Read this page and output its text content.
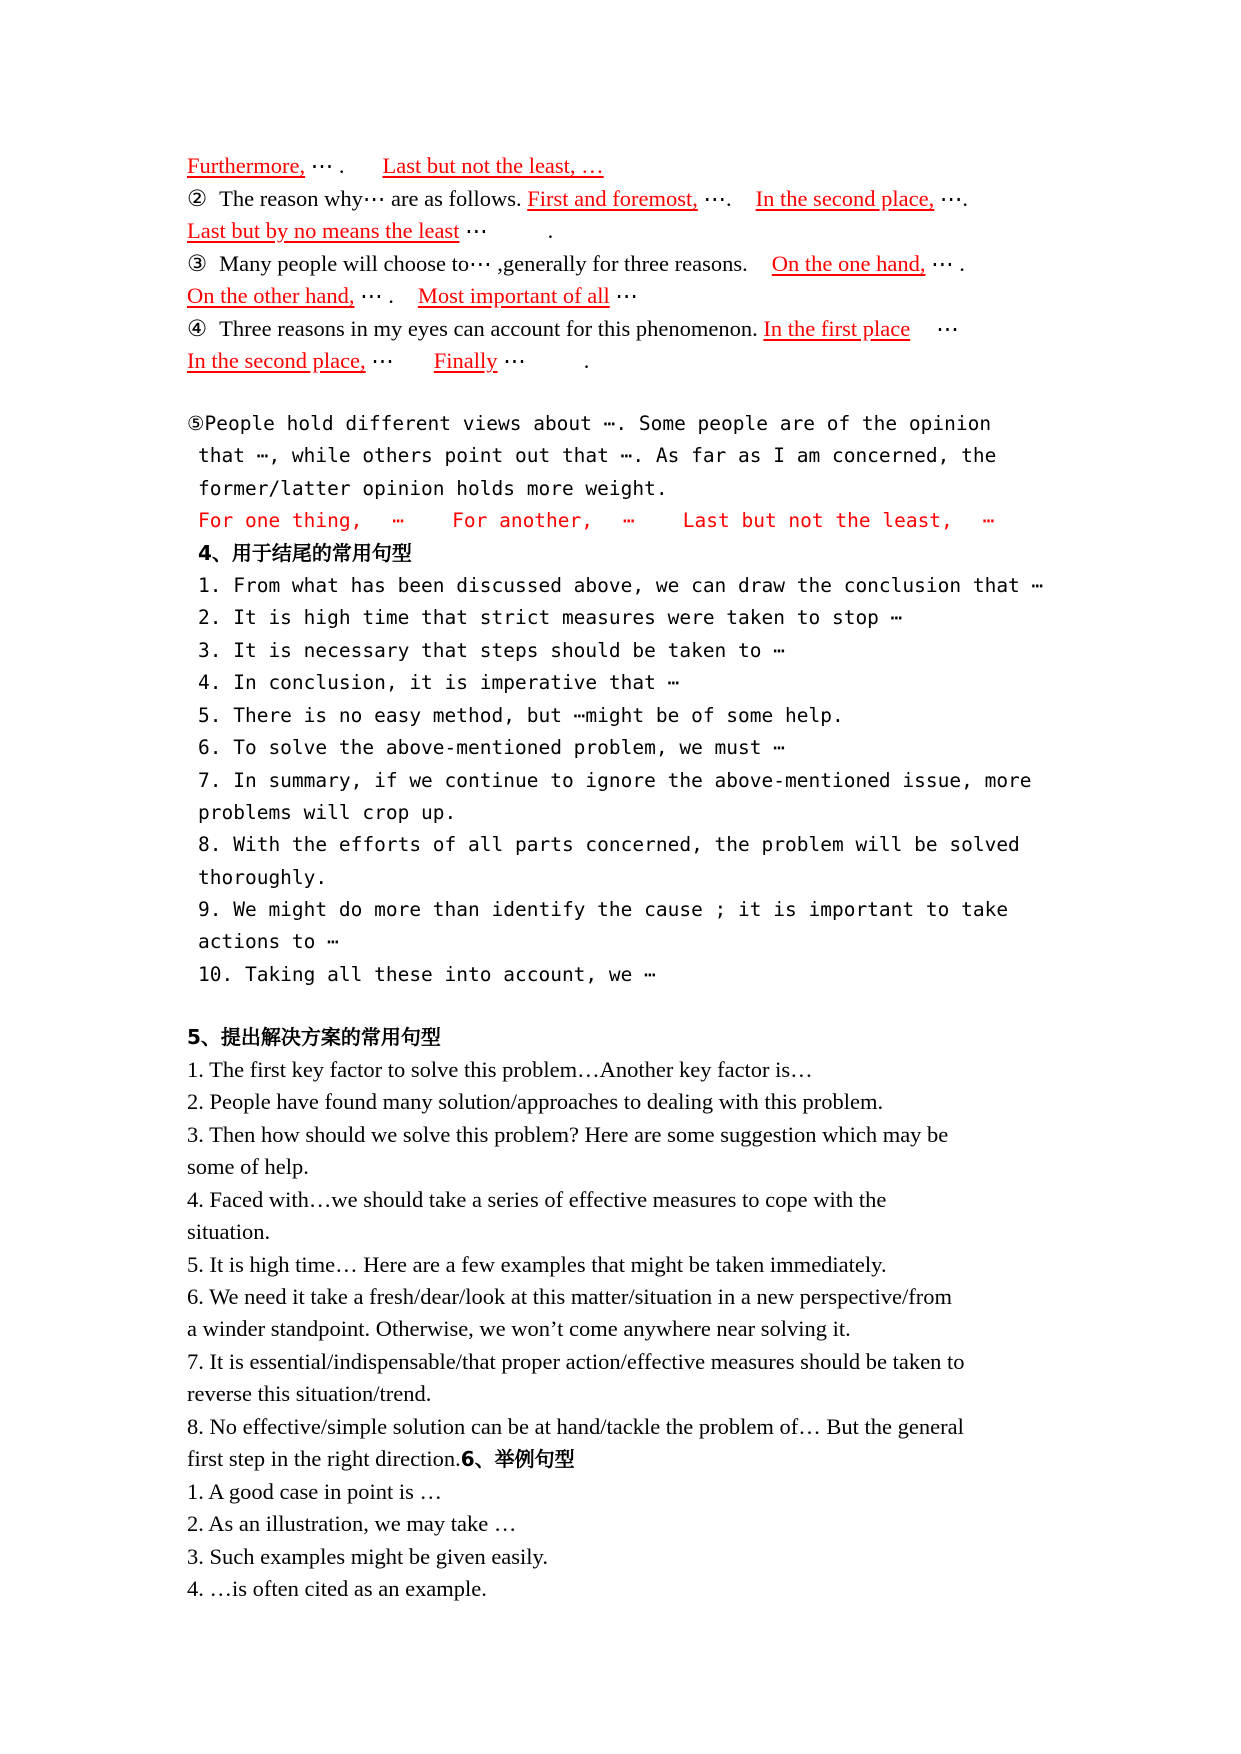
Furthermore, ⋯ . Last but not the least, …
② The reason why⋯ are as follows. First and foremost, ⋯. In the second place, ⋯.
Last but by no means the least ⋯	.
③ Many people will choose to⋯ ,generally for three reasons. On the one hand, ⋯ .
On the other hand, ⋯ . Most important of all ⋯
④ Three reasons in my eyes can account for this phenomenon. In the first place ⋯
In the second place, ⋯ Finally ⋯	.
⑤People hold different views about ⋯. Some people are of the opinion
that ⋯, while others point out that ⋯. As far as I am concerned, the
former/latter opinion holds more weight.
For one thing, ⋯ For another, ⋯ Last but not the least, ⋯
4、用于结尾的常用句型
1. From what has been discussed above, we can draw the conclusion that ⋯
2. It is high time that strict measures were taken to stop ⋯
3. It is necessary that steps should be taken to ⋯
4. In conclusion, it is imperative that ⋯
5. There is no easy method, but ⋯might be of some help.
6. To solve the above-mentioned problem, we must ⋯
7. In summary, if we continue to ignore the above-mentioned issue, more
problems will crop up.
8. With the efforts of all parts concerned, the problem will be solved
thoroughly.
9. We might do more than identify the cause ; it is important to take
actions to ⋯
10. Taking all these into account, we ⋯
5、提出解决方案的常用句型
1. The first key factor to solve this problem…Another key factor is…
2. People have found many solution/approaches to dealing with this problem.
3. Then how should we solve this problem? Here are some suggestion which may be
some of help.
4. Faced with…we should take a series of effective measures to cope with the
situation.
5. It is high time… Here are a few examples that might be taken immediately.
6. We need it take a fresh/dear/look at this matter/situation in a new perspective/from
a winder standpoint. Otherwise, we won’t come anywhere near solving it.
7. It is essential/indispensable/that proper action/effective measures should be taken to
reverse this situation/trend.
8. No effective/simple solution can be at hand/tackle the problem of… But the general
first step in the right direction.6、举例句型
1. A good case in point is …
2. As an illustration, we may take …
3. Such examples might be given easily.
4. …is often cited as an example.
